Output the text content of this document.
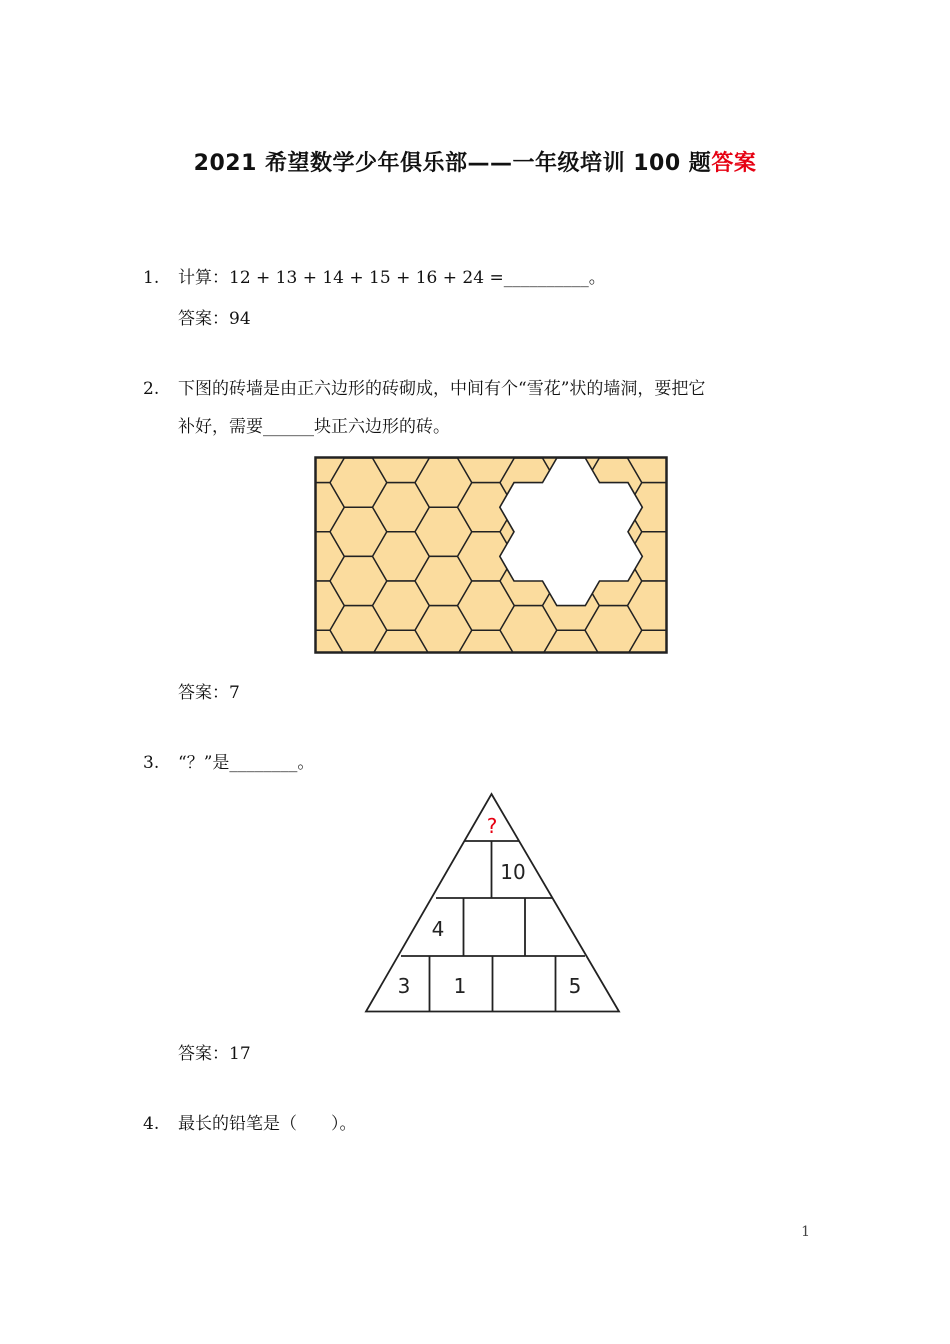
2021 希望数学少年俱乐部——一年级培训 100 题答案
1. 计算：12 + 13 + 14 + 15 + 16 + 24 =__________。
答案：94
2. 下图的砖墙是由正六边形的砖砌成，中间有个“雪花”状的墙洞，要把它
补好，需要______块正六边形的砖。
答案：7
3. “？”是________。
?
10
4
3 1	5
答案：17
4. 最长的铅笔是（　　）。
1
